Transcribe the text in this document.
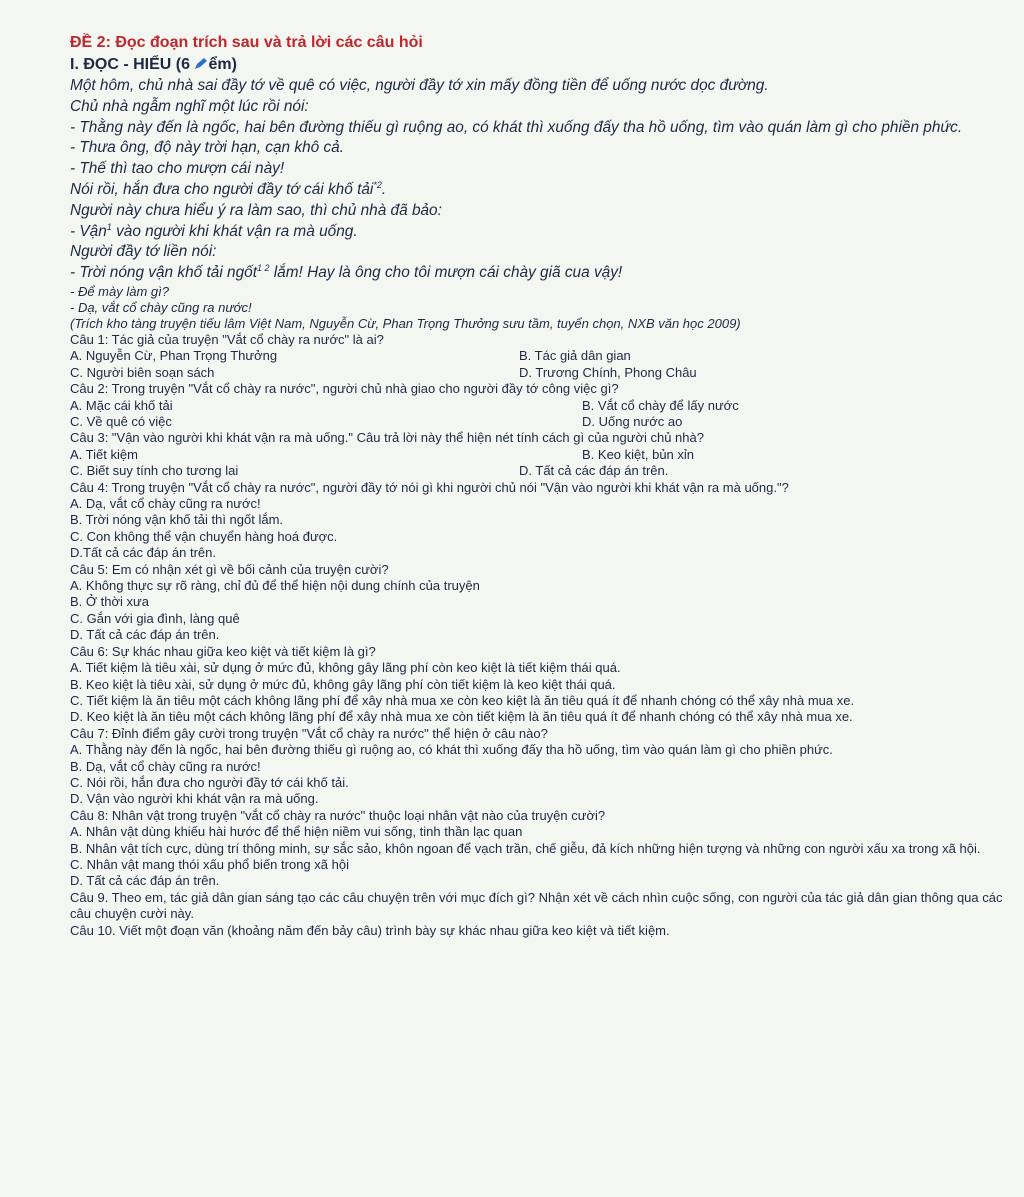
ĐỀ 2: Đọc đoạn trích sau và trả lời các câu hỏi

I. ĐỌC - HIỂU (6 ểm)

Một hôm, chủ nhà sai đầy tớ về quê có việc, người đầy tớ xin mấy đồng tiền để uống nước dọc đường.

Chủ nhà ngẫm nghĩ một lúc rồi nói:

- Thằng này đến là ngốc, hai bên đường thiếu gì ruộng ao, có khát thì xuống đấy tha hồ uống, tìm vào quán làm gì cho phiền phức.

- Thưa ông, độ này trời hạn, cạn khô cả.

- Thế thì tao cho mượn cái này!

Nói rồi, hắn đưa cho người đầy tớ cái khố tải$^{*2}$.

Người này chưa hiểu ý ra làm sao, thì chủ nhà đã bảo:

- Vận$^1$ vào người khi khát vận ra mà uống.

Người đầy tớ liền nói:

- Trời nóng vận khố tải ngốt$^{1 2}$ lắm! Hay là ông cho tôi mượn cái chày giã cua vậy!

- Để mày làm gì?

- Dạ, vắt cổ chày cũng ra nước!

(Trích kho tàng truyện tiếu lâm Việt Nam, Nguyễn Cừ, Phan Trọng Thưởng sưu tầm, tuyển chọn, NXB văn học 2009)

Câu 1: Tác giả của truyện "Vắt cổ chày ra nước" là ai?

A. Nguyễn Cừ, Phan Trọng Thưởng	B. Tác giả dân gian
C. Người biên soạn sách	D. Trương Chính, Phong Châu

Câu 2: Trong truyện "Vắt cổ chày ra nước", người chủ nhà giao cho người đầy tớ công việc gì?

A. Mặc cái khố tải	B. Vắt cổ chày để lấy nước
C. Về quê có việc	D. Uống nước ao

Câu 3: "Vận vào người khi khát vận ra mà uống." Câu trả lời này thể hiện nét tính cách gì của người chủ nhà?

A. Tiết kiệm	B. Keo kiệt, bủn xỉn
C. Biết suy tính cho tương lai	D. Tất cả các đáp án trên.

Câu 4: Trong truyện "Vắt cổ chày ra nước", người đầy tớ nói gì khi người chủ nói "Vận vào người khi khát vận ra mà uống."?

A. Dạ, vắt cổ chày cũng ra nước!

B. Trời nóng vận khố tải thì ngốt lắm.

C. Con không thể vận chuyển hàng hoá được.

D.Tất cả các đáp án trên.

Câu 5: Em có nhận xét gì về bối cảnh của truyện cười?

A. Không thực sự rõ ràng, chỉ đủ để thể hiện nội dung chính của truyện

B. Ở thời xưa

C. Gắn với gia đình, làng quê

D. Tất cả các đáp án trên.

Câu 6: Sự khác nhau giữa keo kiệt và tiết kiệm là gì?

A. Tiết kiệm là tiêu xài, sử dụng ở mức đủ, không gây lãng phí còn keo kiệt là tiết kiệm thái quá.

B. Keo kiệt là tiêu xài, sử dụng ở mức đủ, không gây lãng phí còn tiết kiệm là keo kiệt thái quá.

C. Tiết kiệm là ăn tiêu một cách không lãng phí để xây nhà mua xe còn keo kiệt là ăn tiêu quá ít để nhanh chóng có thể xây nhà mua xe.

D. Keo kiệt là ăn tiêu một cách không lãng phí để xây nhà mua xe còn tiết kiệm là ăn tiêu quá ít để nhanh chóng có thể xây nhà mua xe.

Câu 7: Đỉnh điểm gây cười trong truyện "Vắt cổ chày ra nước" thể hiện ở câu nào?

A. Thằng này đến là ngốc, hai bên đường thiếu gì ruộng ao, có khát thì xuống đấy tha hồ uống, tìm vào quán làm gì cho phiền phức.

B. Dạ, vắt cổ chày cũng ra nước!

C. Nói rồi, hắn đưa cho người đầy tớ cái khố tải.

D. Vận vào người khi khát vận ra mà uống.

Câu 8: Nhân vật trong truyện "vắt cổ chày ra nước" thuộc loại nhân vật nào của truyện cười?

A. Nhân vật dùng khiếu hài hước để thể hiện niềm vui sống, tinh thần lạc quan

B. Nhân vật tích cực, dùng trí thông minh, sự sắc sảo, khôn ngoan để vạch trần, chế giễu, đả kích những hiện tượng và những con người xấu xa trong xã hội.

C. Nhân vật mang thói xấu phổ biến trong xã hội

D. Tất cả các đáp án trên.

Câu 9. Theo em, tác giả dân gian sáng tạo các câu chuyện trên với mục đích gì? Nhận xét về cách nhìn cuộc sống, con người của tác giả dân gian thông qua các câu chuyện cười này.

Câu 10. Viết một đoạn văn (khoảng năm đến bảy câu) trình bày sự khác nhau giữa keo kiệt và tiết kiệm.
